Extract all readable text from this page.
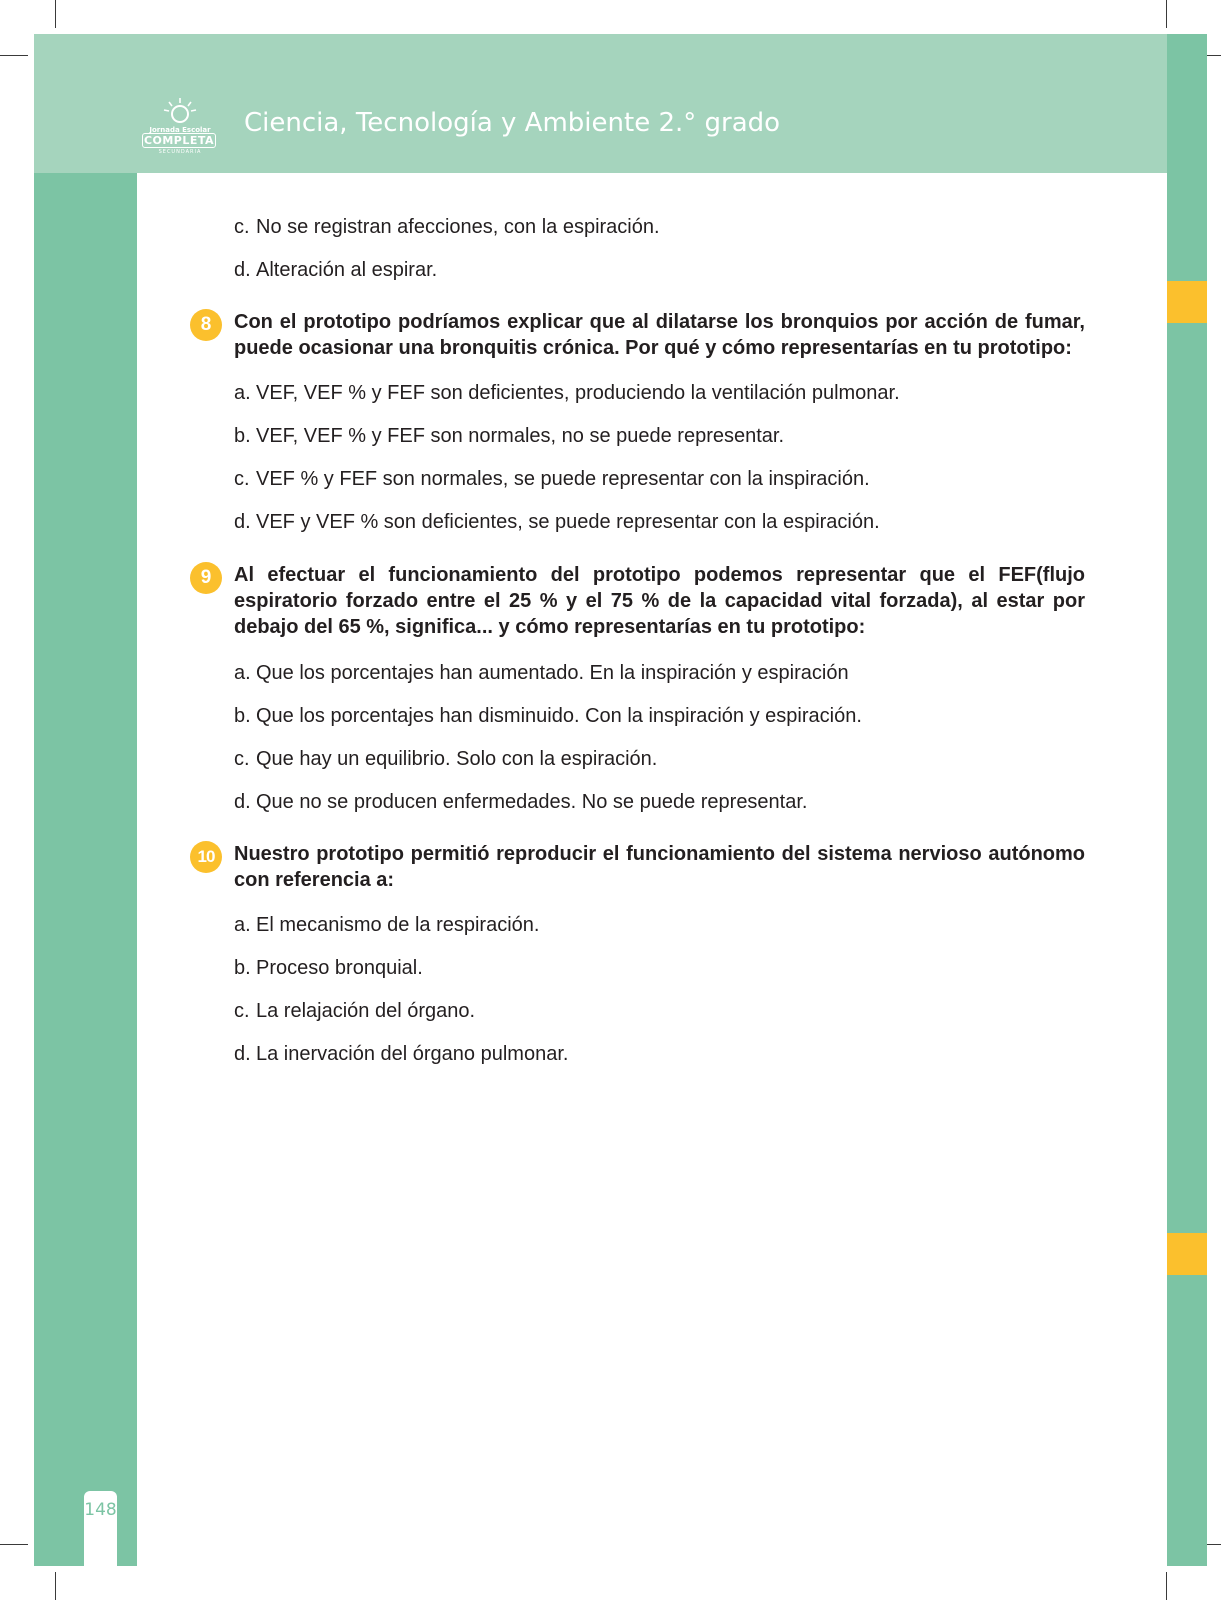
148
Jornada Escolar
COMPLETA
SECUNDARIA
Ciencia, Tecnología y Ambiente 2.° grado
c. No se registran afecciones, con la espiración.
d. Alteración al espirar.
8	Con el prototipo podríamos explicar que al dilatarse los bronquios por acción de fumar, puede ocasionar una bronquitis crónica. Por qué y cómo representarías en tu prototipo:
a. VEF, VEF % y FEF son deficientes, produciendo la ventilación pulmonar.
b. VEF, VEF % y FEF son normales, no se puede representar.
c. VEF % y FEF son normales, se puede representar con la inspiración.
d. VEF y VEF % son deficientes, se puede representar con la espiración.
9	Al efectuar el funcionamiento del prototipo podemos representar que el FEF(flujo espiratorio forzado entre el 25 % y el 75 % de la capacidad vital forzada), al estar por debajo del 65 %, significa... y cómo representarías en tu prototipo:
a. Que los porcentajes han aumentado. En la inspiración y espiración
b. Que los porcentajes han disminuido. Con la inspiración y espiración.
c. Que hay un equilibrio. Solo con la espiración.
d. Que no se producen enfermedades. No se puede representar.
10 Nuestro prototipo permitió reproducir el funcionamiento del sistema nervioso autónomo con referencia a:
a. El mecanismo de la respiración.
b. Proceso bronquial.
c. La relajación del órgano.
d. La inervación del órgano pulmonar.
